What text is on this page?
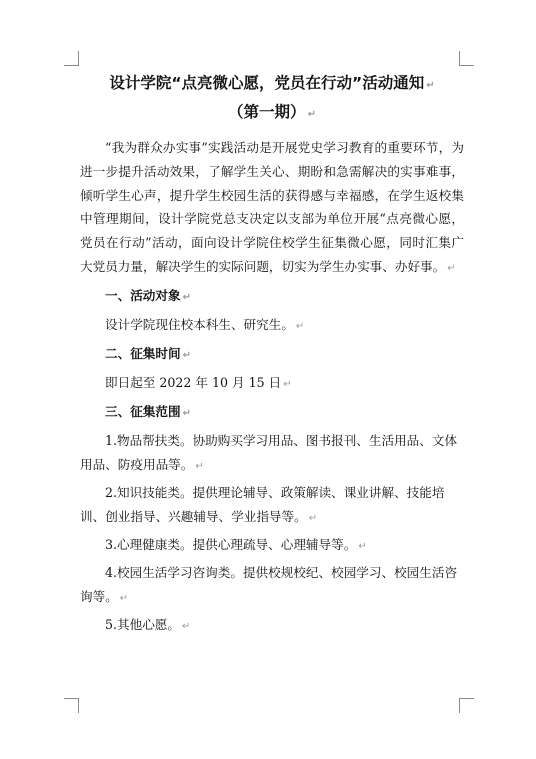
设计学院“点亮微心愿，党员在行动”活动通知 ↵

（第一期） ↵

“我为群众办实事”实践活动是开展党史学习教育的重要环节，为进一步提升活动效果，了解学生关心、期盼和急需解决的实事难事，倾听学生心声，提升学生校园生活的获得感与幸福感，在学生返校集中管理期间，设计学院党总支决定以支部为单位开展“点亮微心愿，党员在行动”活动，面向设计学院住校学生征集微心愿，同时汇集广大党员力量，解决学生的实际问题，切实为学生办实事、办好事。 ↵

一、活动对象 ↵

设计学院现住校本科生、研究生。 ↵

二、征集时间 ↵

即日起至 2022 年 10 月 15 日 ↵

三、征集范围 ↵

1.物品帮扶类。协助购买学习用品、图书报刊、生活用品、文体用品、防疫用品等。 ↵

2.知识技能类。提供理论辅导、政策解读、课业讲解、技能培训、创业指导、兴趣辅导、学业指导等。 ↵

3.心理健康类。提供心理疏导、心理辅导等。 ↵

4.校园生活学习咨询类。提供校规校纪、校园学习、校园生活咨询等。 ↵

5.其他心愿。 ↵
